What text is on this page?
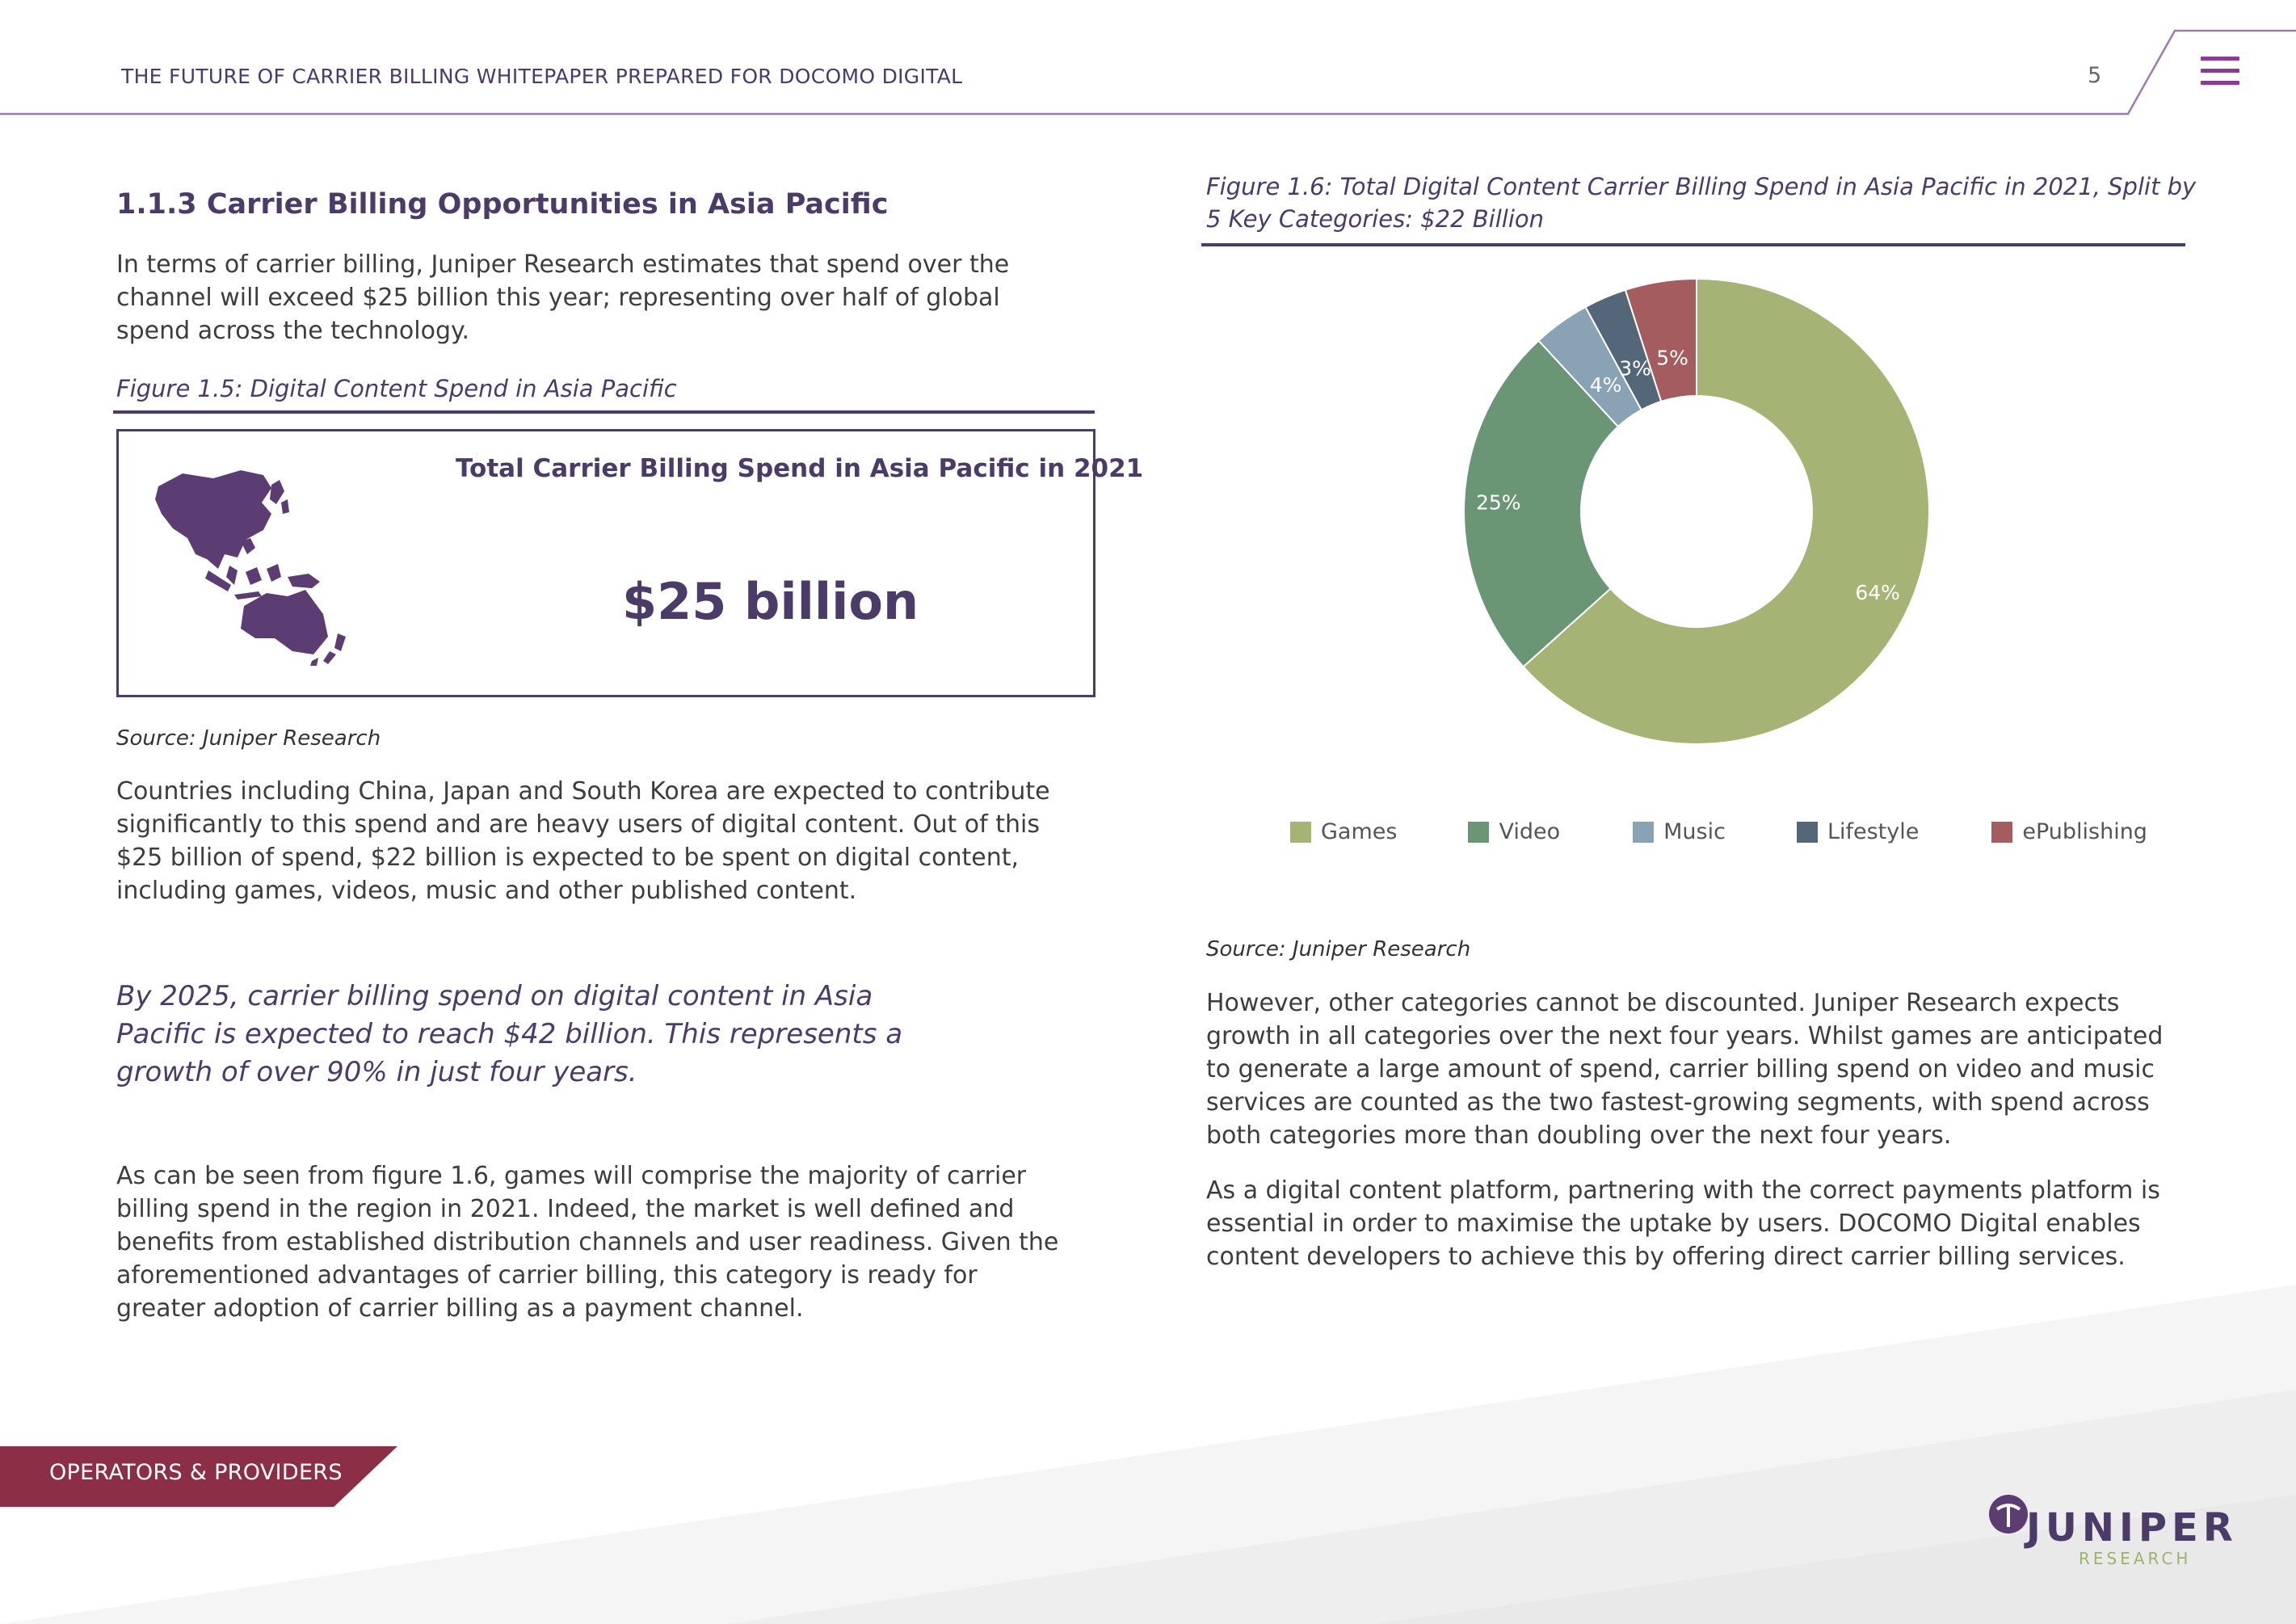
THE FUTURE OF CARRIER BILLING WHITEPAPER PREPARED FOR DOCOMO DIGITAL	5
1.1.3 Carrier Billing Opportunities in Asia Pacific
In terms of carrier billing, Juniper Research estimates that spend over the channel will exceed $25 billion this year; representing over half of global spend across the technology.
Figure 1.5: Digital Content Spend in Asia Pacific
Total Carrier Billing Spend in Asia Pacific in 2021
$25 billion
Source: Juniper Research
Countries including China, Japan and South Korea are expected to contribute significantly to this spend and are heavy users of digital content. Out of this $25 billion of spend, $22 billion is expected to be spent on digital content, including games, videos, music and other published content.
By 2025, carrier billing spend on digital content in Asia Pacific is expected to reach $42 billion. This represents a growth of over 90% in just four years.
As can be seen from figure 1.6, games will comprise the majority of carrier billing spend in the region in 2021. Indeed, the market is well defined and benefits from established distribution channels and user readiness. Given the aforementioned advantages of carrier billing, this category is ready for greater adoption of carrier billing as a payment channel.
Figure 1.6: Total Digital Content Carrier Billing Spend in Asia Pacific in 2021, Split by 5 Key Categories: $22 Billion
64%
25%
4%
3% 5%
Games	Video	Music	Lifestyle	ePublishing
Source: Juniper Research
However, other categories cannot be discounted. Juniper Research expects growth in all categories over the next four years. Whilst games are anticipated to generate a large amount of spend, carrier billing spend on video and music services are counted as the two fastest-growing segments, with spend across both categories more than doubling over the next four years.
As a digital content platform, partnering with the correct payments platform is essential in order to maximise the uptake by users. DOCOMO Digital enables content developers to achieve this by offering direct carrier billing services.
OPERATORS & PROVIDERS
JUNIPER
RESEARCH
